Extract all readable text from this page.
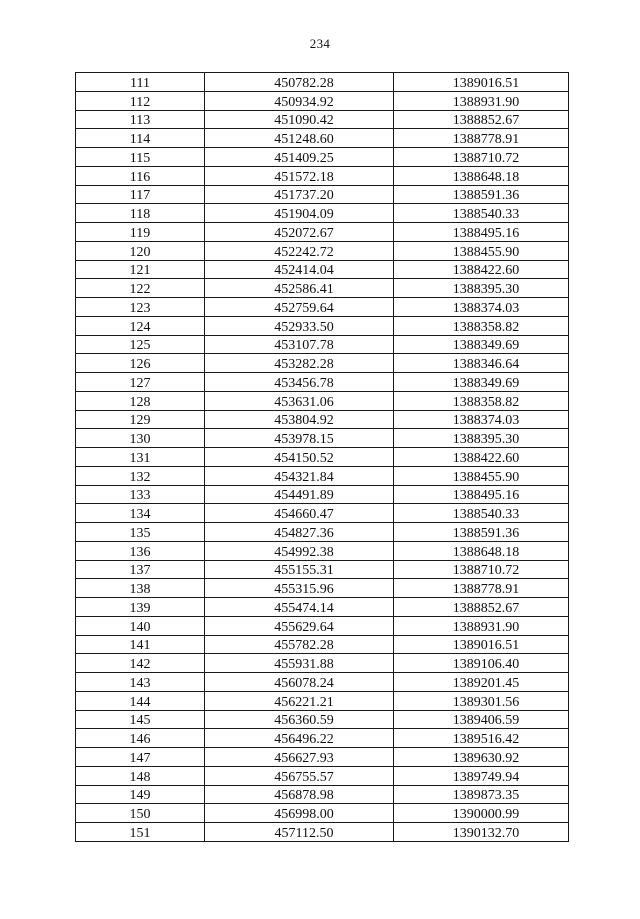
234
111	450782.28	1389016.51
112	450934.92	1388931.90
113	451090.42	1388852.67
114	451248.60	1388778.91
115	451409.25	1388710.72
116	451572.18	1388648.18
117	451737.20	1388591.36
118	451904.09	1388540.33
119	452072.67	1388495.16
120	452242.72	1388455.90
121	452414.04	1388422.60
122	452586.41	1388395.30
123	452759.64	1388374.03
124	452933.50	1388358.82
125	453107.78	1388349.69
126	453282.28	1388346.64
127	453456.78	1388349.69
128	453631.06	1388358.82
129	453804.92	1388374.03
130	453978.15	1388395.30
131	454150.52	1388422.60
132	454321.84	1388455.90
133	454491.89	1388495.16
134	454660.47	1388540.33
135	454827.36	1388591.36
136	454992.38	1388648.18
137	455155.31	1388710.72
138	455315.96	1388778.91
139	455474.14	1388852.67
140	455629.64	1388931.90
141	455782.28	1389016.51
142	455931.88	1389106.40
143	456078.24	1389201.45
144	456221.21	1389301.56
145	456360.59	1389406.59
146	456496.22	1389516.42
147	456627.93	1389630.92
148	456755.57	1389749.94
149	456878.98	1389873.35
150	456998.00	1390000.99
151	457112.50	1390132.70
